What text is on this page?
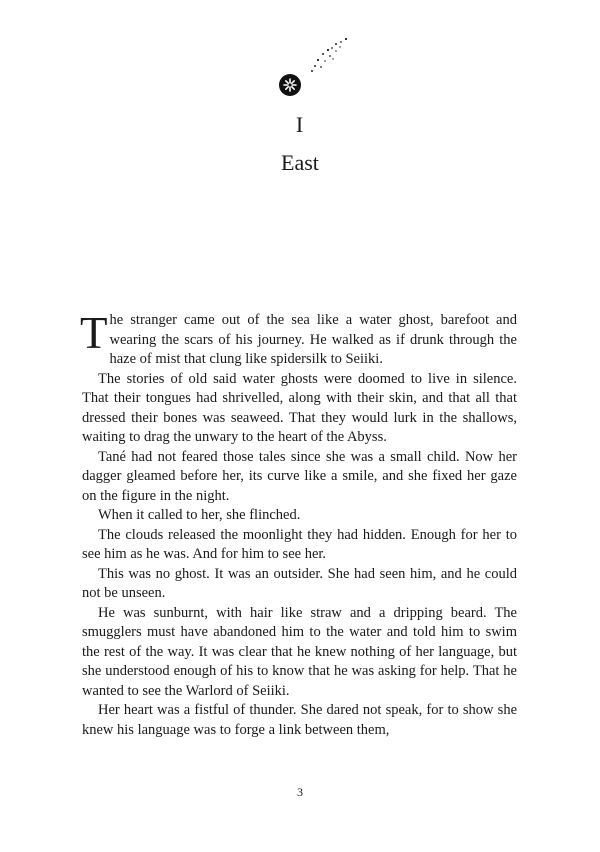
I
East

The stranger came out of the sea like a water ghost, barefoot and wearing the scars of his journey. He walked as if drunk through the haze of mist that clung like spidersilk to Seiiki.

The stories of old said water ghosts were doomed to live in silence. That their tongues had shrivelled, along with their skin, and that all that dressed their bones was seaweed. That they would lurk in the shallows, waiting to drag the unwary to the heart of the Abyss.

Tané had not feared those tales since she was a small child. Now her dagger gleamed before her, its curve like a smile, and she fixed her gaze on the figure in the night.

When it called to her, she flinched.

The clouds released the moonlight they had hidden. Enough for her to see him as he was. And for him to see her.

This was no ghost. It was an outsider. She had seen him, and he could not be unseen.

He was sunburnt, with hair like straw and a dripping beard. The smugglers must have abandoned him to the water and told him to swim the rest of the way. It was clear that he knew nothing of her language, but she understood enough of his to know that he was asking for help. That he wanted to see the Warlord of Seiiki.

Her heart was a fistful of thunder. She dared not speak, for to show she knew his language was to forge a link between them,

3
